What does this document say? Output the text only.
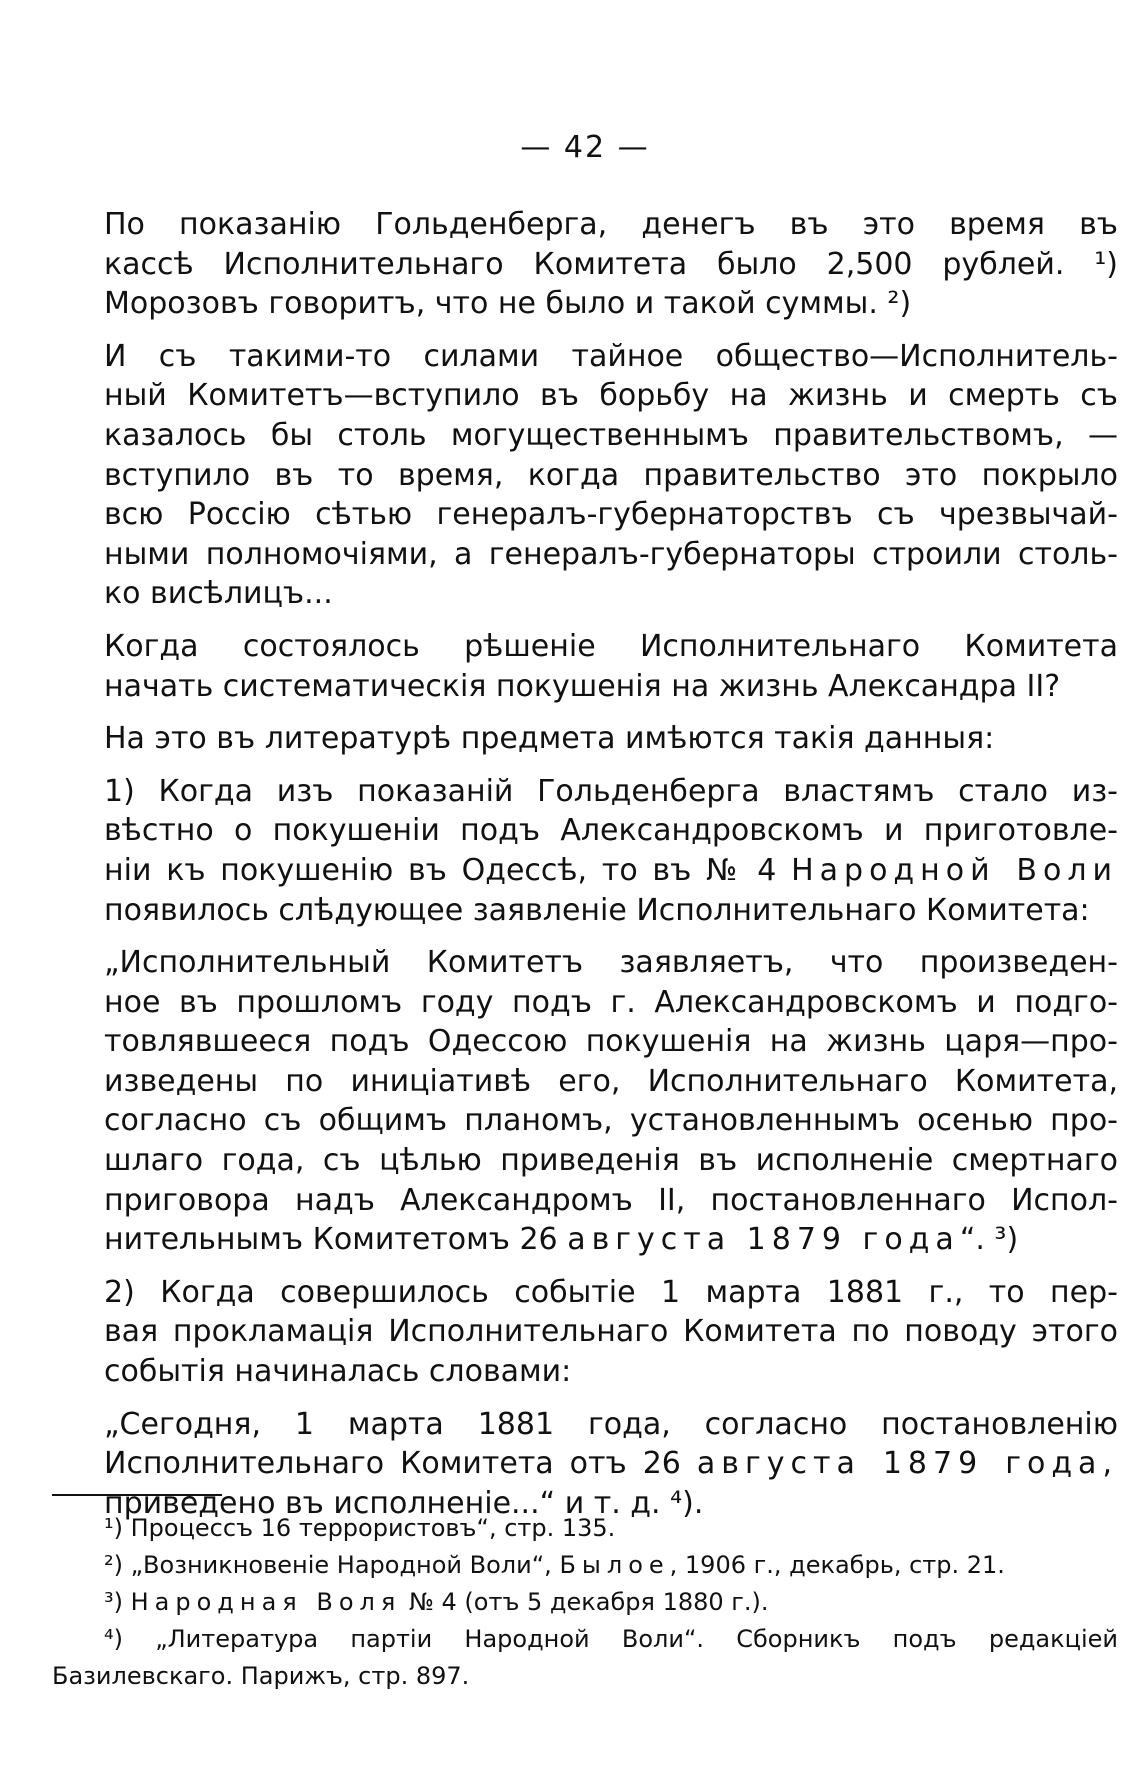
— 42 —
По показанію Гольденберга, денегъ въ это время въ
кассѣ Исполнительнаго Комитета было 2,500 рублей. ¹)
Морозовъ говоритъ, что не было и такой суммы. ²)
И съ такими-то силами тайное общество—Исполнитель-
ный Комитетъ—вступило въ борьбу на жизнь и смерть съ
казалось бы столь могущественнымъ правительствомъ, —
вступило въ то время, когда правительство это покрыло
всю Россію сѣтью генералъ-губернаторствъ съ чрезвычай-
ными полномочіями, а генералъ-губернаторы строили столь-
ко висѣлицъ...
Когда состоялось рѣшеніе Исполнительнаго Комитета
начать систематическія покушенія на жизнь Александра II?
На это въ литературѣ предмета имѣются такія данныя:
1) Когда изъ показаній Гольденберга властямъ стало из-
вѣстно о покушеніи подъ Александровскомъ и приготовле-
ніи къ покушенію въ Одессѣ, то въ № 4 Народной Воли
появилось слѣдующее заявленіе Исполнительнаго Комитета:
„Исполнительный Комитетъ заявляетъ, что произведен-
ное въ прошломъ году подъ г. Александровскомъ и подго-
товлявшееся подъ Одессою покушенія на жизнь царя—про-
изведены по иниціативѣ его, Исполнительнаго Комитета,
согласно съ общимъ планомъ, установленнымъ осенью про-
шлаго года, съ цѣлью приведенія въ исполненіе смертнаго
приговора надъ Александромъ II, постановленнаго Испол-
нительнымъ Комитетомъ 26 августа 1879 года“. ³)
2) Когда совершилось событіе 1 марта 1881 г., то пер-
вая прокламація Исполнительнаго Комитета по поводу этого
событія начиналась словами:
„Сегодня, 1 марта 1881 года, согласно постановленію
Исполнительнаго Комитета отъ 26 августа 1879 года,
приведено въ исполненіе...“ и т. д. ⁴).
¹) Процессъ 16 террористовъ“, стр. 135.
²) „Возникновеніе Народной Воли“, Былое, 1906 г., декабрь, стр. 21.
³) Народная Воля № 4 (отъ 5 декабря 1880 г.).
⁴) „Литература партіи Народной Воли“. Сборникъ подъ редакціей
Базилевскаго. Парижъ, стр. 897.
